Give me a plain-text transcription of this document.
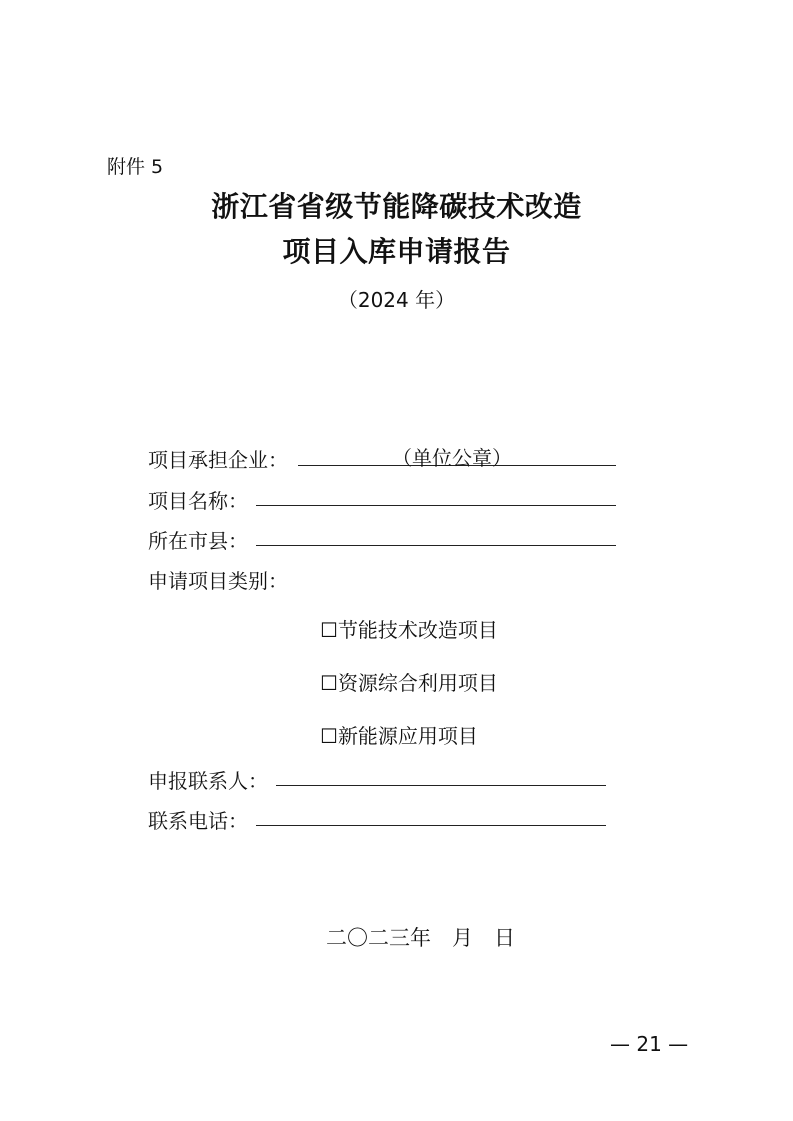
附件 5
浙江省省级节能降碳技术改造
项目入库申请报告
（2024 年）
项目承担企业：	（单位公章）
项目名称：
所在市县：
申请项目类别：
☐节能技术改造项目
☐资源综合利用项目
☐新能源应用项目
申报联系人：
联系电话：
二〇二三年 月 日
— 21 —
